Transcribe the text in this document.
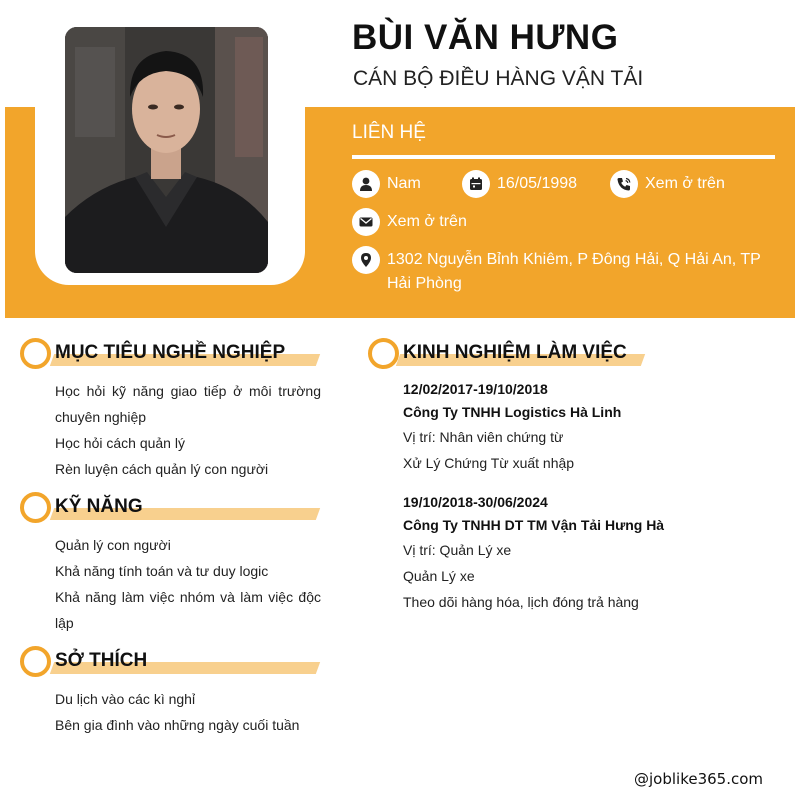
BÙI VĂN HƯNG
CÁN BỘ ĐIỀU HÀNG VẬN TẢI
LIÊN HỆ
Nam	16/05/1998	Xem ở trên
Xem ở trên
1302 Nguyễn Bỉnh Khiêm, P Đông Hải, Q Hải An, TP
Hải Phòng
MỤC TIÊU NGHỀ NGHIỆP
Học hỏi kỹ năng giao tiếp ở môi trường
chuyên nghiệp
Học hỏi cách quản lý
Rèn luyện cách quản lý con người
KỸ NĂNG
Quản lý con người
Khả năng tính toán và tư duy logic
Khả năng làm việc nhóm và làm việc độc
lập
SỞ THÍCH
Du lịch vào các kì nghỉ
Bên gia đình vào những ngày cuối tuần
KINH NGHIỆM LÀM VIỆC
12/02/2017-19/10/2018
Công Ty TNHH Logistics Hà Linh
Vị trí: Nhân viên chứng từ
Xử Lý Chứng Từ xuất nhập
19/10/2018-30/06/2024
Công Ty TNHH DT TM Vận Tải Hưng Hà
Vị trí: Quản Lý xe
Quản Lý xe
Theo dõi hàng hóa, lịch đóng trả hàng
@joblike365.com
